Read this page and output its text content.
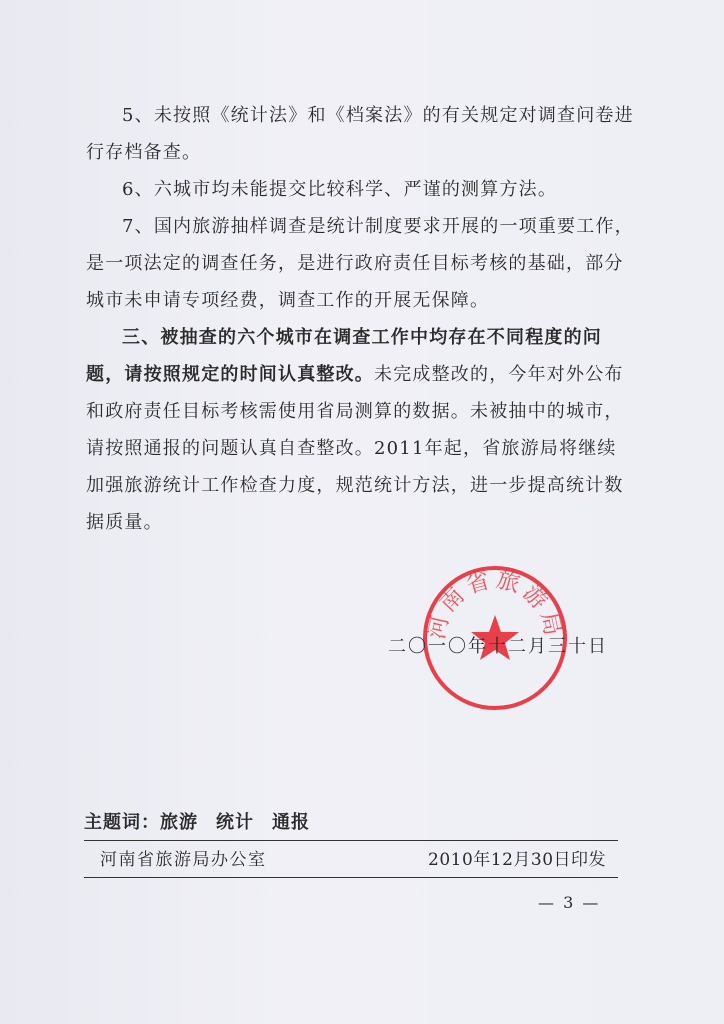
5、未按照《统计法》和《档案法》的有关规定对调查问卷进行存档备查。

6、六城市均未能提交比较科学、严谨的测算方法。

7、国内旅游抽样调查是统计制度要求开展的一项重要工作，是一项法定的调查任务，是进行政府责任目标考核的基础，部分城市未申请专项经费，调查工作的开展无保障。

三、被抽查的六个城市在调查工作中均存在不同程度的问题，请按照规定的时间认真整改。未完成整改的，今年对外公布和政府责任目标考核需使用省局测算的数据。未被抽中的城市，请按照通报的问题认真自查整改。2011年起，省旅游局将继续加强旅游统计工作检查力度，规范统计方法，进一步提高统计数据质量。

河南省旅游局

二〇一〇年十二月三十日

主题词：旅游 统计 通报

河南省旅游局办公室	2010年12月30日印发

— 3 —
